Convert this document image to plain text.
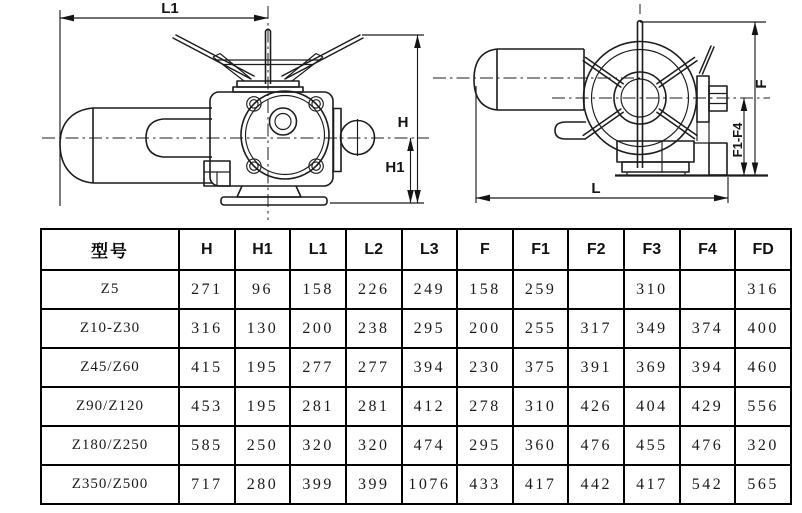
L1
H
H1
L
F
F1-F4
型号	H	H1	L1	L2	L3	F	F1	F2	F3	F4	FD
Z5	271	96	158	226	249	158	259		310		316
Z10-Z30	316	130	200	238	295	200	255	317	349	374	400
Z45/Z60	415	195	277	277	394	230	375	391	369	394	460
Z90/Z120	453	195	281	281	412	278	310	426	404	429	556
Z180/Z250	585	250	320	320	474	295	360	476	455	476	320
Z350/Z500	717	280	399	399	1076	433	417	442	417	542	565
